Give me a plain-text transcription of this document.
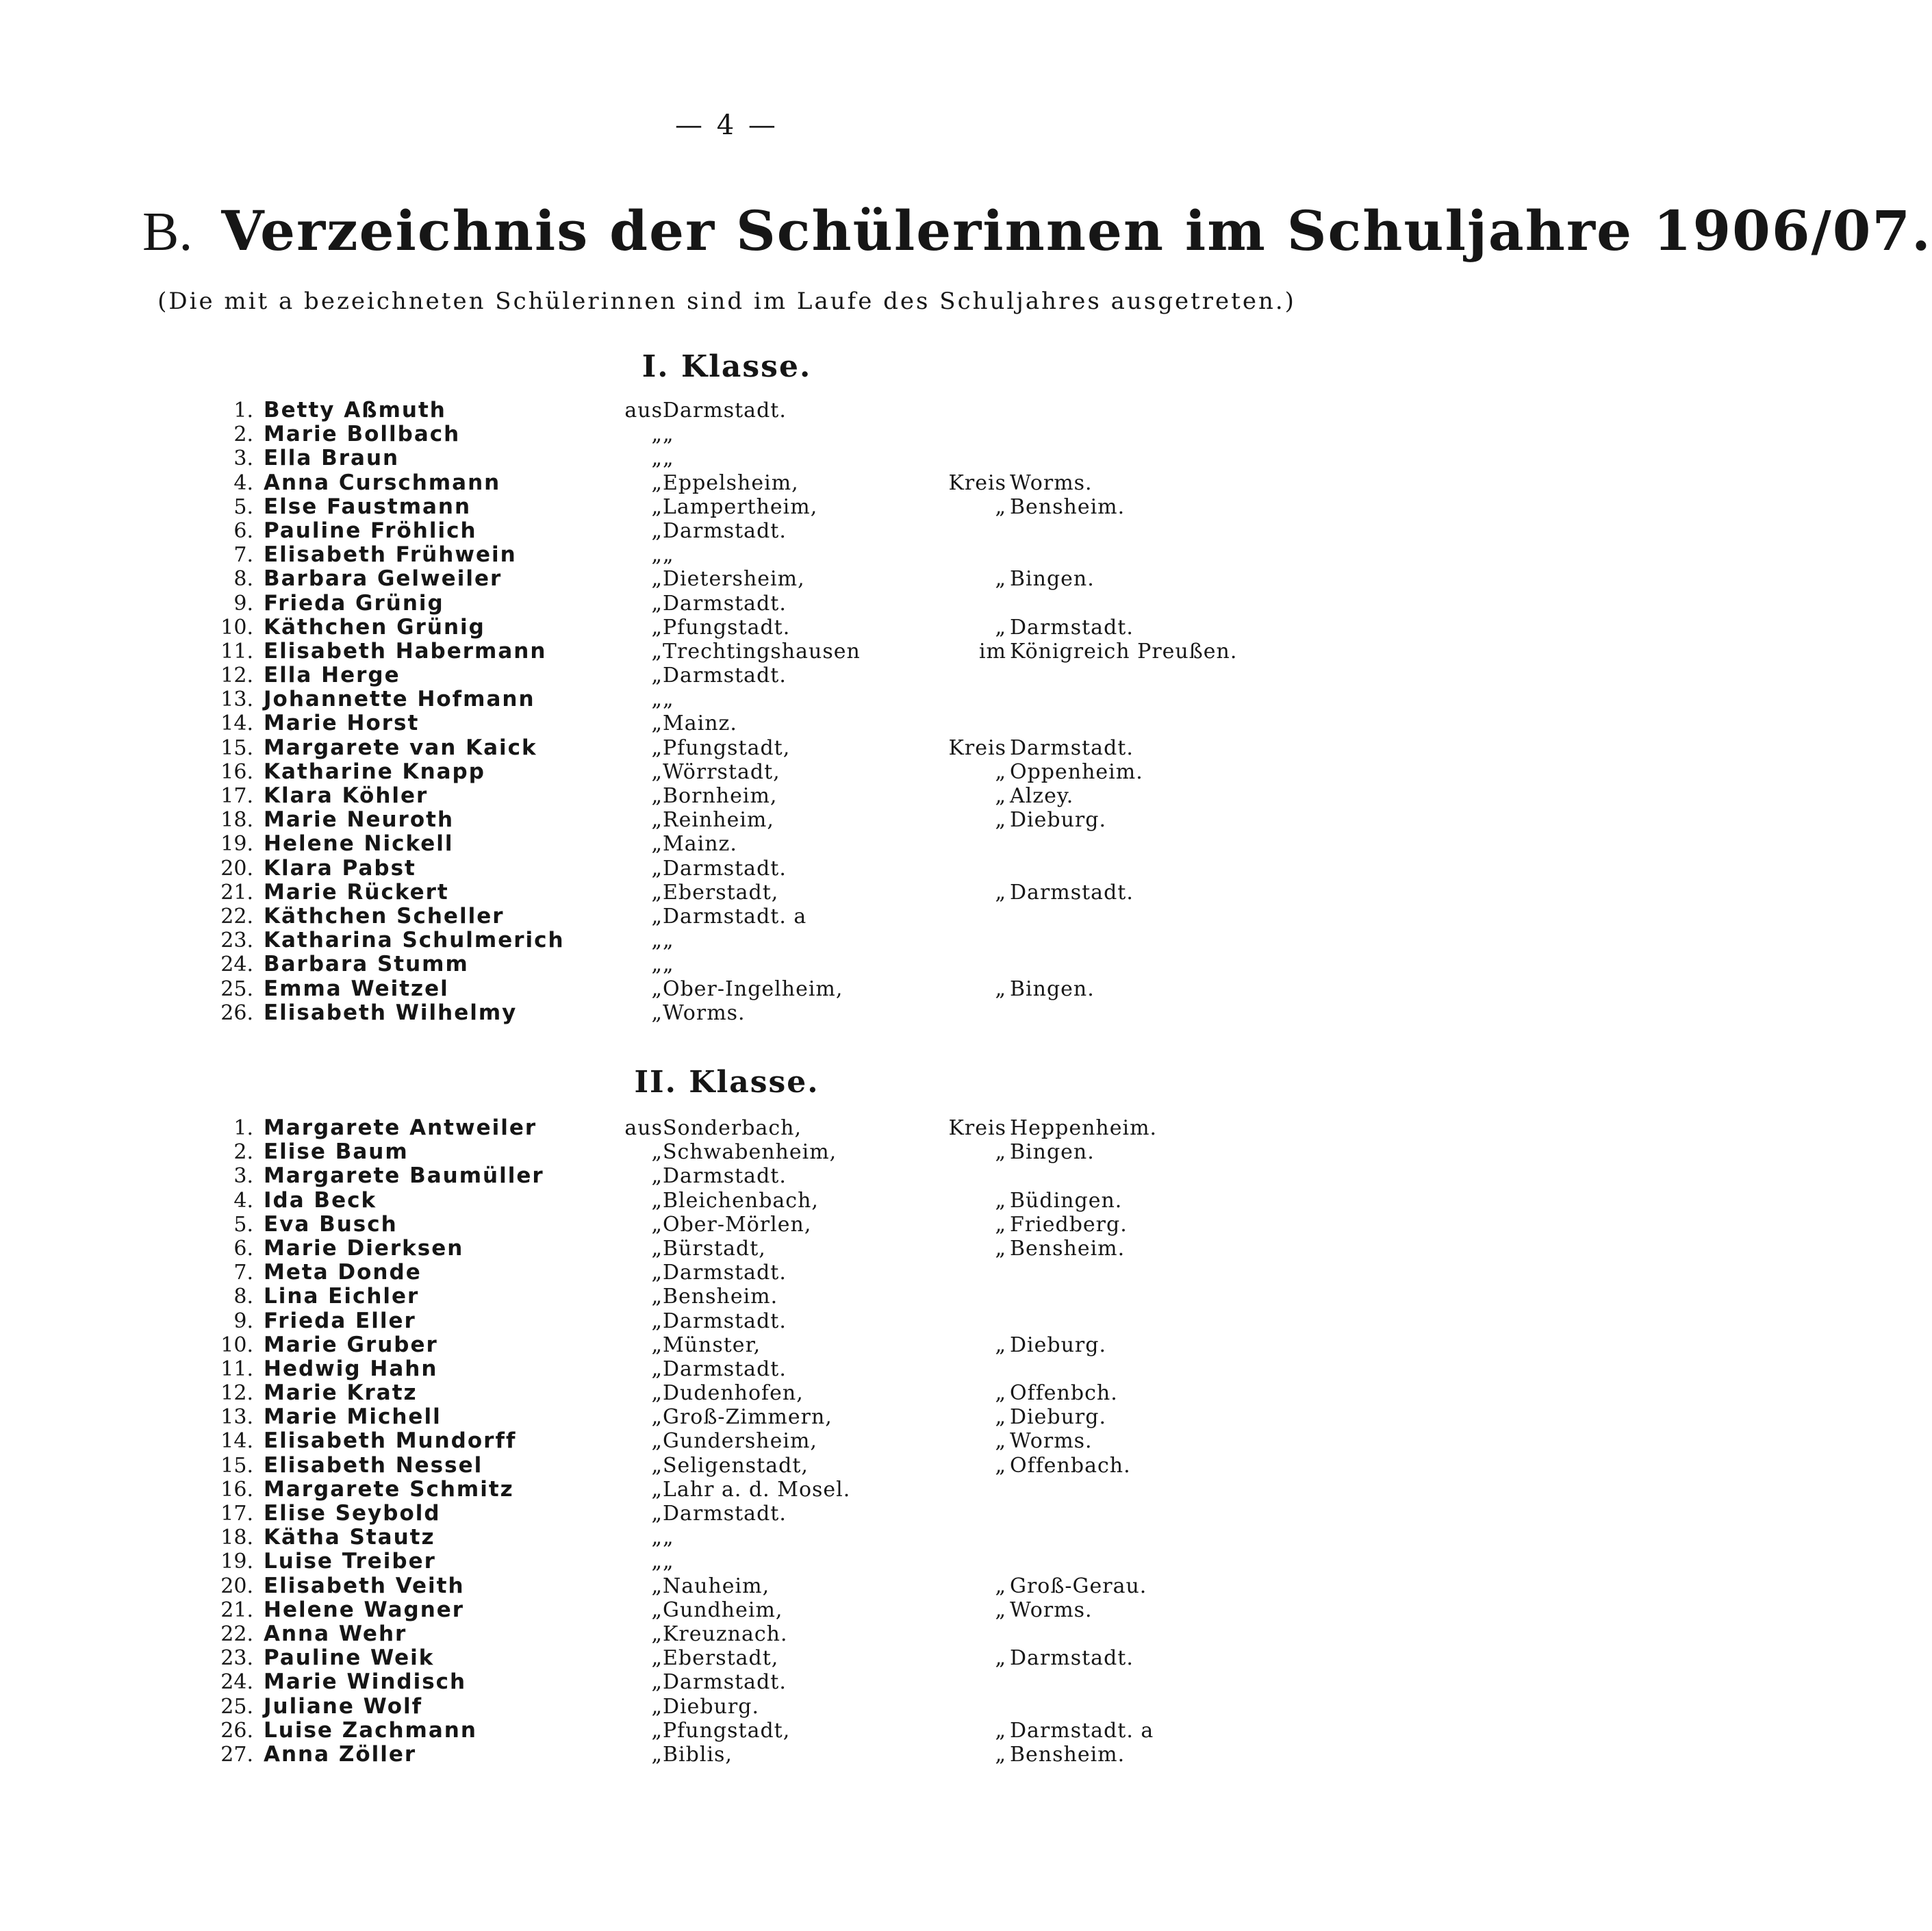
— 4 —
B. Verzeichnis der Schülerinnen im Schuljahre 1906/07.
(Die mit a bezeichneten Schülerinnen sind im Laufe des Schuljahres ausgetreten.)
I. Klasse.
1. Betty Aßmuth	aus Darmstadt.
2. Marie Bollbach	„ „
3. Ella Braun	„ „
4. Anna Curschmann	„ Eppelsheim,	Kreis Worms.
5. Else Faustmann	„ Lampertheim,	„ Bensheim.
6. Pauline Fröhlich	„ Darmstadt.
7. Elisabeth Frühwein	„ „
8. Barbara Gelweiler	„ Dietersheim,	„ Bingen.
9. Frieda Grünig	„ Darmstadt.
10. Käthchen Grünig	„ Pfungstadt.	„ Darmstadt.
11. Elisabeth Habermann	„ Trechtingshausen	im Königreich Preußen.
12. Ella Herge	„ Darmstadt.
13. Johannette Hofmann	„ „
14. Marie Horst	„ Mainz.
15. Margarete van Kaick	„ Pfungstadt,	Kreis Darmstadt.
16. Katharine Knapp	„ Wörrstadt,	„ Oppenheim.
17. Klara Köhler	„ Bornheim,	„ Alzey.
18. Marie Neuroth	„ Reinheim,	„ Dieburg.
19. Helene Nickell	„ Mainz.
20. Klara Pabst	„ Darmstadt.
21. Marie Rückert	„ Eberstadt,	„ Darmstadt.
22. Käthchen Scheller	„ Darmstadt. a
23. Katharina Schulmerich	„ „
24. Barbara Stumm	„ „
25. Emma Weitzel	„ Ober-Ingelheim,	„ Bingen.
26. Elisabeth Wilhelmy	„ Worms.
II. Klasse.
1. Margarete Antweiler	aus Sonderbach,	Kreis Heppenheim.
2. Elise Baum	„ Schwabenheim,	„ Bingen.
3. Margarete Baumüller	„ Darmstadt.
4. Ida Beck	„ Bleichenbach,	„ Büdingen.
5. Eva Busch	„ Ober-Mörlen,	„ Friedberg.
6. Marie Dierksen	„ Bürstadt,	„ Bensheim.
7. Meta Donde	„ Darmstadt.
8. Lina Eichler	„ Bensheim.
9. Frieda Eller	„ Darmstadt.
10. Marie Gruber	„ Münster,	„ Dieburg.
11. Hedwig Hahn	„ Darmstadt.
12. Marie Kratz	„ Dudenhofen,	„ Offenbch.
13. Marie Michell	„ Groß-Zimmern,	„ Dieburg.
14. Elisabeth Mundorff	„ Gundersheim,	„ Worms.
15. Elisabeth Nessel	„ Seligenstadt,	„ Offenbach.
16. Margarete Schmitz	„ Lahr a. d. Mosel.
17. Elise Seybold	„ Darmstadt.
18. Kätha Stautz	„ „
19. Luise Treiber	„ „
20. Elisabeth Veith	„ Nauheim,	„ Groß-Gerau.
21. Helene Wagner	„ Gundheim,	„ Worms.
22. Anna Wehr	„ Kreuznach.
23. Pauline Weik	„ Eberstadt,	„ Darmstadt.
24. Marie Windisch	„ Darmstadt.
25. Juliane Wolf	„ Dieburg.
26. Luise Zachmann	„ Pfungstadt,	„ Darmstadt. a
27. Anna Zöller	„ Biblis,	„ Bensheim.
